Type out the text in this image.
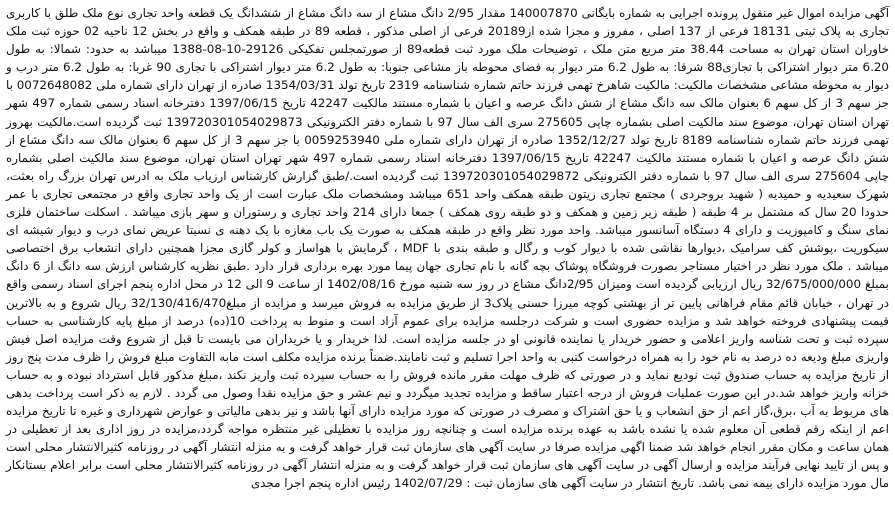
آگهی مزایده اموال غیر منقول پرونده اجرایی به شماره بایگانی 140007870 مقدار 2/95 دانگ مشاع از سه دانگ مشاع از ششدانگ یک قطعه واحد تجاری نوع ملک طلق با کاربری تجاری به پلاک ثبتی 18131 فرعی از 137 اصلی ، مفروز و مجزا شده از20189 فرعی از اصلی مذکور ، قطعه 89 در طبقه همکف و واقع در بخش 12 ناحیه 02 حوزه ثبت ملک خاوران استان تهران به مساحت 38.44 متر مربع متن ملک ، توضیحات ملک مورد ثبت قطعه89 از صورتمجلس تفکیکی 29126-10-08-1388 میباشد به حدود: شمالا: به طول 6.20 متر دیوار اشتراکی با تجاری88 شرقا: به طول 6.2 متر دیوار به فضای محوطه باز مشاعی جنوبا: به طول 6.2 متر دیوار اشتراکی با تجاری 90 غربا: به طول 6.2 متر درب و دیوار به محوطه مشاعی مشخصات مالکیت: مالکیت شاهرخ تهمی فرزند حاتم شماره شناسنامه 2319 تاریخ تولد 1354/03/31 صادره از تهران دارای شماره ملی 0072648082 با جز سهم 3 از کل سهم 6 بعنوان مالک سه دانگ مشاع از شش دانگ عرصه و اعیان با شماره مستند مالکیت 42247 تاریخ 1397/06/15 دفترخانه اسناد رسمی شماره 497 شهر تهران استان تهران، موضوع سند مالکیت اصلی بشماره چاپی 275605 سری الف سال 97 با شماره دفتر الکترونیکی 139720301054029873 ثبت گردیده است.مالکیت بهروز تهمی فرزند حاتم شماره شناسنامه 8189 تاریخ تولد 1352/12/27 صادره از تهران دارای شماره ملی 0059253940 با جز سهم 3 از کل سهم 6 بعنوان مالک سه دانگ مشاع از شش دانگ عرصه و اعیان با شماره مستند مالکیت 42247 تاریخ 1397/06/15 دفترخانه اسناد رسمی شماره 497 شهر تهران استان تهران، موضوع سند مالکیت اصلی بشماره چاپی 275604 سری الف سال 97 با شماره دفتر الکترونیکی 139720301054029872 ثبت گردیده است./طبق گزارش کارشناس ارزیاب ملک به ادرس تهران بزرگ راه بعثت، شهرک سعیدیه و حمیدیه ( شهید بروجردی ) مجتمع تجاری زیتون طبقه همکف واحد 651 میباشد ومشخصات ملک عبارت است از یک واحد تجاری واقع در مجتمعی تجاری با عمر حدودا 20 سال که مشتمل بر 4 طبقه ( طبقه زیر زمین و همکف و دو طبقه روی همکف ) جمعا دارای 214 واحد تجاری و رستوران و سهر بازی میباشد . اسکلت ساختمان فلزی نمای سنگ و کامپوزیت و دارای 4 دستگاه آسانسور میباشد. واحد مورد نظر واقع در طبقه همکف به صورت یک باب مغازه با یک دهنه ی نسبتا عریض نمای درب و دیوار شیشه ای سیکوریت ،پوشش کف سرامیک ،دیوارها نقاشی شده با دیوار کوب و رگال و طبقه بندی با MDF ، گرمایش با هواساز و کولر گازی مجزا همچنین دارای انشعاب برق اختصاصی میباشد . ملک مورد نظر در اختیار مستاجر بصورت فروشگاه پوشاک بچه گانه با نام تجاری جهان پیما مورد بهره برداری قرار دارد .طبق نظریه کارشناس ارزش سه دانگ از 6 دانگ بمبلغ 32/675/000/000 ریال ارزیابی گردیده است ومیزان 2/95دانگ مشاع در روز سه شنبه مورخ 1402/08/16 از ساعت 9 الی 12 در محل اداره پنجم اجرای اسناد رسمی واقع در تهران ، خیابان قائم مقام فراهانی پایین تر از بهشتی کوچه میرزا حسنی پلاک3 از طریق مزایده به فروش میرسد و مزایده از مبلغ32/130/416/470 ریال شروع و به بالاترین قیمت پیشنهادی فروخته خواهد شد و مزایده حضوری است و شرکت درجلسه مزایده برای عموم آزاد است و منوط به پرداخت 10(ده) درصد از مبلغ پایه کارشناسی به حساب سپرده ثبت و تحت شناسه واریز اعلامی و حضور خریدار یا نماینده قانونی او در جلسه مزایده است. لذا خریدار و یا خریداران می بایست تا قبل از شروع وقت مزایده اصل فیش واریزی مبلغ ودیعه ده درصد به نام خود را به همراه درخواست کتبی به واحد اجرا تسلیم و ثبت نامایند.ضمناً برنده مزایده مکلف است مابه التفاوت مبلغ فروش را ظرف مدت پنج روز از تاریخ مزایده به حساب صندوق ثبت نودیع نماید و در صورتی که ظرف مهلت مقرر مانده فروش را به حساب سپرده ثبت واریز نکند ،مبلغ مذکور قابل استرداد نبوده و به حساب خزانه واریز خواهد شد.در این صورت عملیات فروش از درجه اعتبار ساقط و مزایده تجدید میگردد و نیم عشر و حق مزایده نقدا وصول می گردد . لازم به ذکر است پرداخت بدهی های مربوط به آب ،برق،گاز اعم از حق انشعاب و یا حق اشتراک و مصرف در صورتی که مورد مزایده دارای آنها باشد و نیز بدهی مالیاتی و عوارض شهرداری و غیره تا تاریخ مزایده اعم از اینکه رقم قطعی آن معلوم شده یا نشده باشد به عهده برنده مزایده است و چنانچه روز مزایده با تعطیلی غیر منتظره مواجه گردد،مزایده در روز اداری بعد از تعطیلی در همان ساعت و مکان مقرر انجام خواهد شد ضمنا اگهی مزایده صرفا در سایت آگهی های سازمان ثبت قرار خواهد گرفت و به منزله انتشار آگهی در روزنامه کثیرالانتشار محلی است و پس از تایید نهایی فرآیند مزایده و ارسال آگهی در سایت آگهی های سازمان ثبت قرار خواهد گرفت و به منزله انتشار آگهی در روزنامه کثیرالانتشار محلی است برابر اعلام بستانکار مال مورد مزایده دارای بیمه نمی باشد. تاریخ انتشار در سایت آگهی های سازمان ثبت : 1402/07/29 رئیس اداره پنجم اجرا مجدی
